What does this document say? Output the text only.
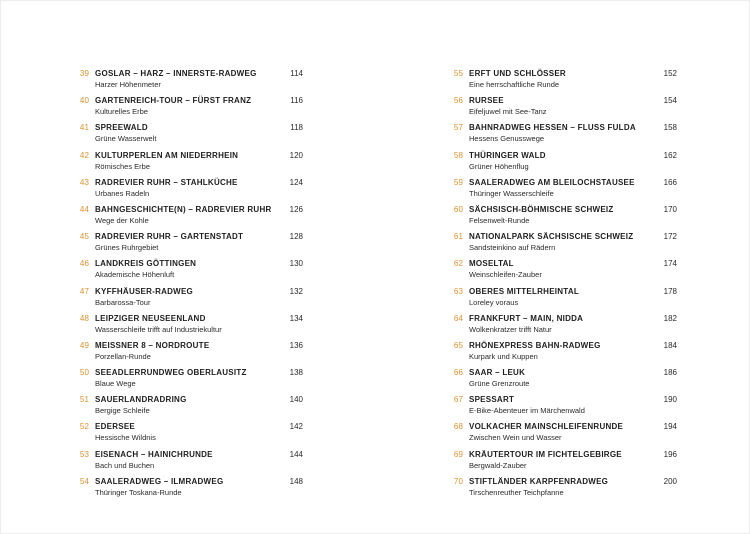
39 GOSLAR – HARZ – INNERSTE-RADWEG
Harzer Höhenmeter
114
40 GARTENREICH-TOUR – FÜRST FRANZ
Kulturelles Erbe
116
41 SPREEWALD
Grüne Wasserwelt
118
42 KULTURPERLEN AM NIEDERRHEIN
Römisches Erbe
120
43 RADREVIER RUHR – STAHLKÜCHE
Urbanes Radeln
124
44 BAHNGESCHICHTE(N) – RADREVIER RUHR
Wege der Kohle
126
45 RADREVIER RUHR – GARTENSTADT
Grünes Ruhrgebiet
128
46 LANDKREIS GÖTTINGEN
Akademische Höhenluft
130
47 KYFFHÄUSER-RADWEG
Barbarossa-Tour
132
48 LEIPZIGER NEUSEENLAND
Wasserschleife trifft auf Industriekultur
134
49 MEISSNER 8 – NORDROUTE
Porzellan-Runde
136
50 SEEADLERRUNDWEG OBERLAUSITZ
Blaue Wege
138
51 SAUERLANDRADRING
Bergige Schleife
140
52 EDERSEE
Hessische Wildnis
142
53 EISENACH – HAINICHRUNDE
Bach und Buchen
144
54 SAALERADWEG – ILMRADWEG
Thüringer Toskana-Runde
148
55 ERFT UND SCHLÖSSER
Eine herrschaftliche Runde
152
56 RURSEE
Eifeljuwel mit See-Tanz
154
57 BAHNRADWEG HESSEN – FLUSS FULDA
Hessens Genusswege
158
58 THÜRINGER WALD
Grüner Höhenflug
162
59 SAALERADWEG AM BLEILOCHSTAUSEE
Thüringer Wasserschleife
166
60 SÄCHSISCH-BÖHMISCHE SCHWEIZ
Felsenwelt-Runde
170
61 NATIONALPARK SÄCHSISCHE SCHWEIZ
Sandsteinkino auf Rädern
172
62 MOSELTAL
Weinschleifen-Zauber
174
63 OBERES MITTELRHEINTAL
Loreley voraus
178
64 FRANKFURT – MAIN, NIDDA
Wolkenkratzer trifft Natur
182
65 RHÖNEXPRESS BAHN-RADWEG
Kurpark und Kuppen
184
66 SAAR – LEUK
Grüne Grenzroute
186
67 SPESSART
E-Bike-Abenteuer im Märchenwald
190
68 VOLKACHER MAINSCHLEIFENRUNDE
Zwischen Wein und Wasser
194
69 KRÄUTERTOUR IM FICHTELGEBIRGE
Bergwald-Zauber
196
70 STIFTLÄNDER KARPFENRADWEG
Tirschenreuther Teichpfanne
200
